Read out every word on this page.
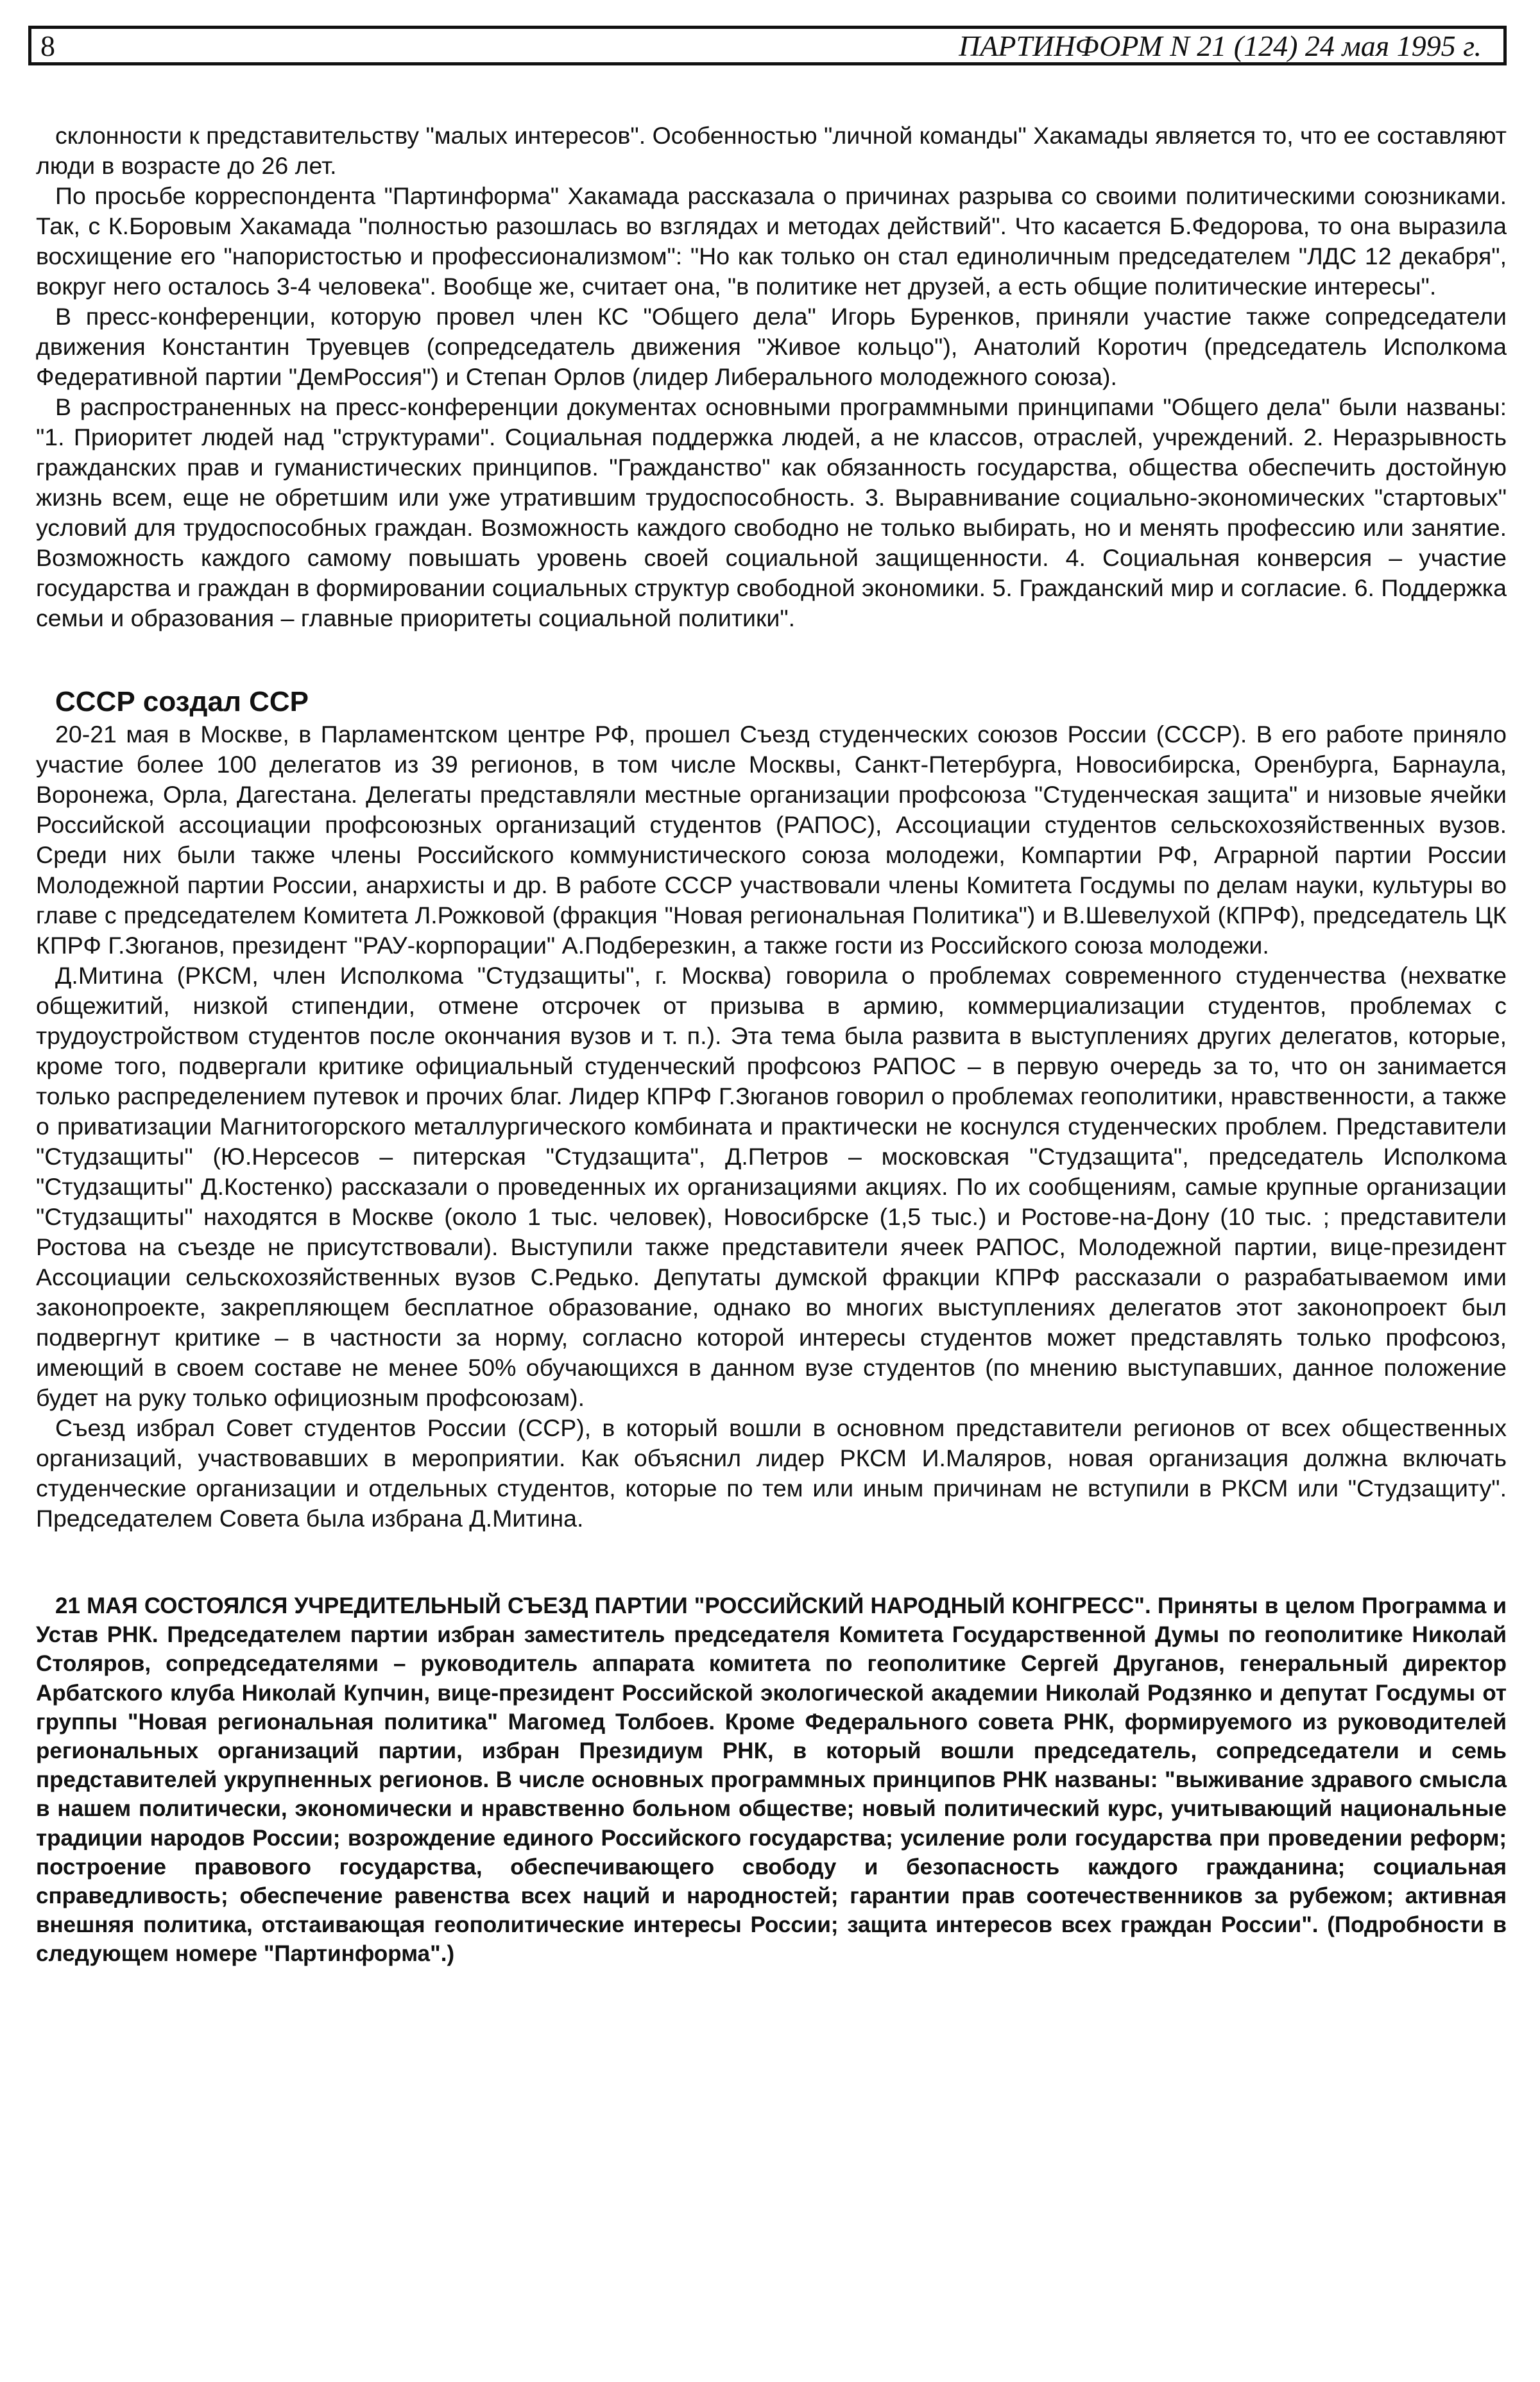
8	ПАРТИНФОРМ N 21 (124) 24 мая 1995 г.

склонности к представительству "малых интересов". Особенностью "личной команды" Хакамады является то, что ее составляют люди в возрасте до 26 лет.

По просьбе корреспондента "Партинформа" Хакамада рассказала о причинах разрыва со своими политическими союзниками. Так, с К.Боровым Хакамада "полностью разошлась во взглядах и методах действий". Что касается Б.Федорова, то она выразила восхищение его "напористостью и профессионализмом": "Но как только он стал единоличным председателем "ЛДС 12 декабря", вокруг него осталось 3-4 человека". Вообще же, считает она, "в политике нет друзей, а есть общие политические интересы".

В пресс-конференции, которую провел член КС "Общего дела" Игорь Буренков, приняли участие также сопредседатели движения Константин Труевцев (сопредседатель движения "Живое кольцо"), Анатолий Коротич (председатель Исполкома Федеративной партии "ДемРоссия") и Степан Орлов (лидер Либерального молодежного союза).

В распространенных на пресс-конференции документах основными программными принципами "Общего дела" были названы: "1. Приоритет людей над "структурами". Социальная поддержка людей, а не классов, отраслей, учреждений. 2. Неразрывность гражданских прав и гуманистических принципов. "Гражданство" как обязанность государства, общества обеспечить достойную жизнь всем, еще не обретшим или уже утратившим трудоспособность. 3. Выравнивание социально-экономических "стартовых" условий для трудоспособных граждан. Возможность каждого свободно не только выбирать, но и менять профессию или занятие. Возможность каждого самому повышать уровень своей социальной защищенности. 4. Социальная конверсия – участие государства и граждан в формировании социальных структур свободной экономики. 5. Гражданский мир и согласие. 6. Поддержка семьи и образования – главные приоритеты социальной политики".

СССР создал ССР

20-21 мая в Москве, в Парламентском центре РФ, прошел Съезд студенческих союзов России (СССР). В его работе приняло участие более 100 делегатов из 39 регионов, в том числе Москвы, Санкт-Петербурга, Новосибирска, Оренбурга, Барнаула, Воронежа, Орла, Дагестана. Делегаты представляли местные организации профсоюза "Студенческая защита" и низовые ячейки Российской ассоциации профсоюзных организаций студентов (РАПОС), Ассоциации студентов сельскохозяйственных вузов. Среди них были также члены Российского коммунистического союза молодежи, Компартии РФ, Аграрной партии России Молодежной партии России, анархисты и др. В работе СССР участвовали члены Комитета Госдумы по делам науки, культуры во главе с председателем Комитета Л.Рожковой (фракция "Новая региональная Политика") и В.Шевелухой (КПРФ), председатель ЦК КПРФ Г.Зюганов, президент "РАУ-корпорации" А.Подберезкин, а также гости из Российского союза молодежи.

Д.Митина (РКСМ, член Исполкома "Студзащиты", г. Москва) говорила о проблемах современного студенчества (нехватке общежитий, низкой стипендии, отмене отсрочек от призыва в армию, коммерциализации студентов, проблемах с трудоустройством студентов после окончания вузов и т. п.). Эта тема была развита в выступлениях других делегатов, которые, кроме того, подвергали критике официальный студенческий профсоюз РАПОС – в первую очередь за то, что он занимается только распределением путевок и прочих благ. Лидер КПРФ Г.Зюганов говорил о проблемах геополитики, нравственности, а также о приватизации Магнитогорского металлургического комбината и практически не коснулся студенческих проблем. Представители "Студзащиты" (Ю.Нерсесов – питерская "Студзащита", Д.Петров – московская "Студзащита", председатель Исполкома "Студзащиты" Д.Костенко) рассказали о проведенных их организациями акциях. По их сообщениям, самые крупные организации "Студзащиты" находятся в Москве (около 1 тыс. человек), Новосибрске (1,5 тыс.) и Ростове-на-Дону (10 тыс. ; представители Ростова на съезде не присутствовали). Выступили также представители ячеек РАПОС, Молодежной партии, вице-президент Ассоциации сельскохозяйственных вузов С.Редько. Депутаты думской фракции КПРФ рассказали о разрабатываемом ими законопроекте, закрепляющем бесплатное образование, однако во многих выступлениях делегатов этот законопроект был подвергнут критике – в частности за норму, согласно которой интересы студентов может представлять только профсоюз, имеющий в своем составе не менее 50% обучающихся в данном вузе студентов (по мнению выступавших, данное положение будет на руку только официозным профсоюзам).

Съезд избрал Совет студентов России (ССР), в который вошли в основном представители регионов от всех общественных организаций, участвовавших в мероприятии. Как объяснил лидер РКСМ И.Маляров, новая организация должна включать студенческие организации и отдельных студентов, которые по тем или иным причинам не вступили в РКСМ или "Студзащиту". Председателем Совета была избрана Д.Митина.

21 МАЯ СОСТОЯЛСЯ УЧРЕДИТЕЛЬНЫЙ СЪЕЗД ПАРТИИ "РОССИЙСКИЙ НАРОДНЫЙ КОНГРЕСС". Приняты в целом Программа и Устав РНК. Председателем партии избран заместитель председателя Комитета Государственной Думы по геополитике Николай Столяров, сопредседателями – руководитель аппарата комитета по геополитике Сергей Друганов, генеральный директор Арбатского клуба Николай Купчин, вице-президент Российской экологической академии Николай Родзянко и депутат Госдумы от группы "Новая региональная политика" Магомед Толбоев. Кроме Федерального совета РНК, формируемого из руководителей региональных организаций партии, избран Президиум РНК, в который вошли председатель, сопредседатели и семь представителей укрупненных регионов. В числе основных программных принципов РНК названы: "выживание здравого смысла в нашем политически, экономически и нравственно больном обществе; новый политический курс, учитывающий национальные традиции народов России; возрождение единого Российского государства; усиление роли государства при проведении реформ; построение правового государства, обеспечивающего свободу и безопасность каждого гражданина; социальная справедливость; обеспечение равенства всех наций и народностей; гарантии прав соотечественников за рубежом; активная внешняя политика, отстаивающая геополитические интересы России; защита интересов всех граждан России". (Подробности в следующем номере "Партинформа".)
